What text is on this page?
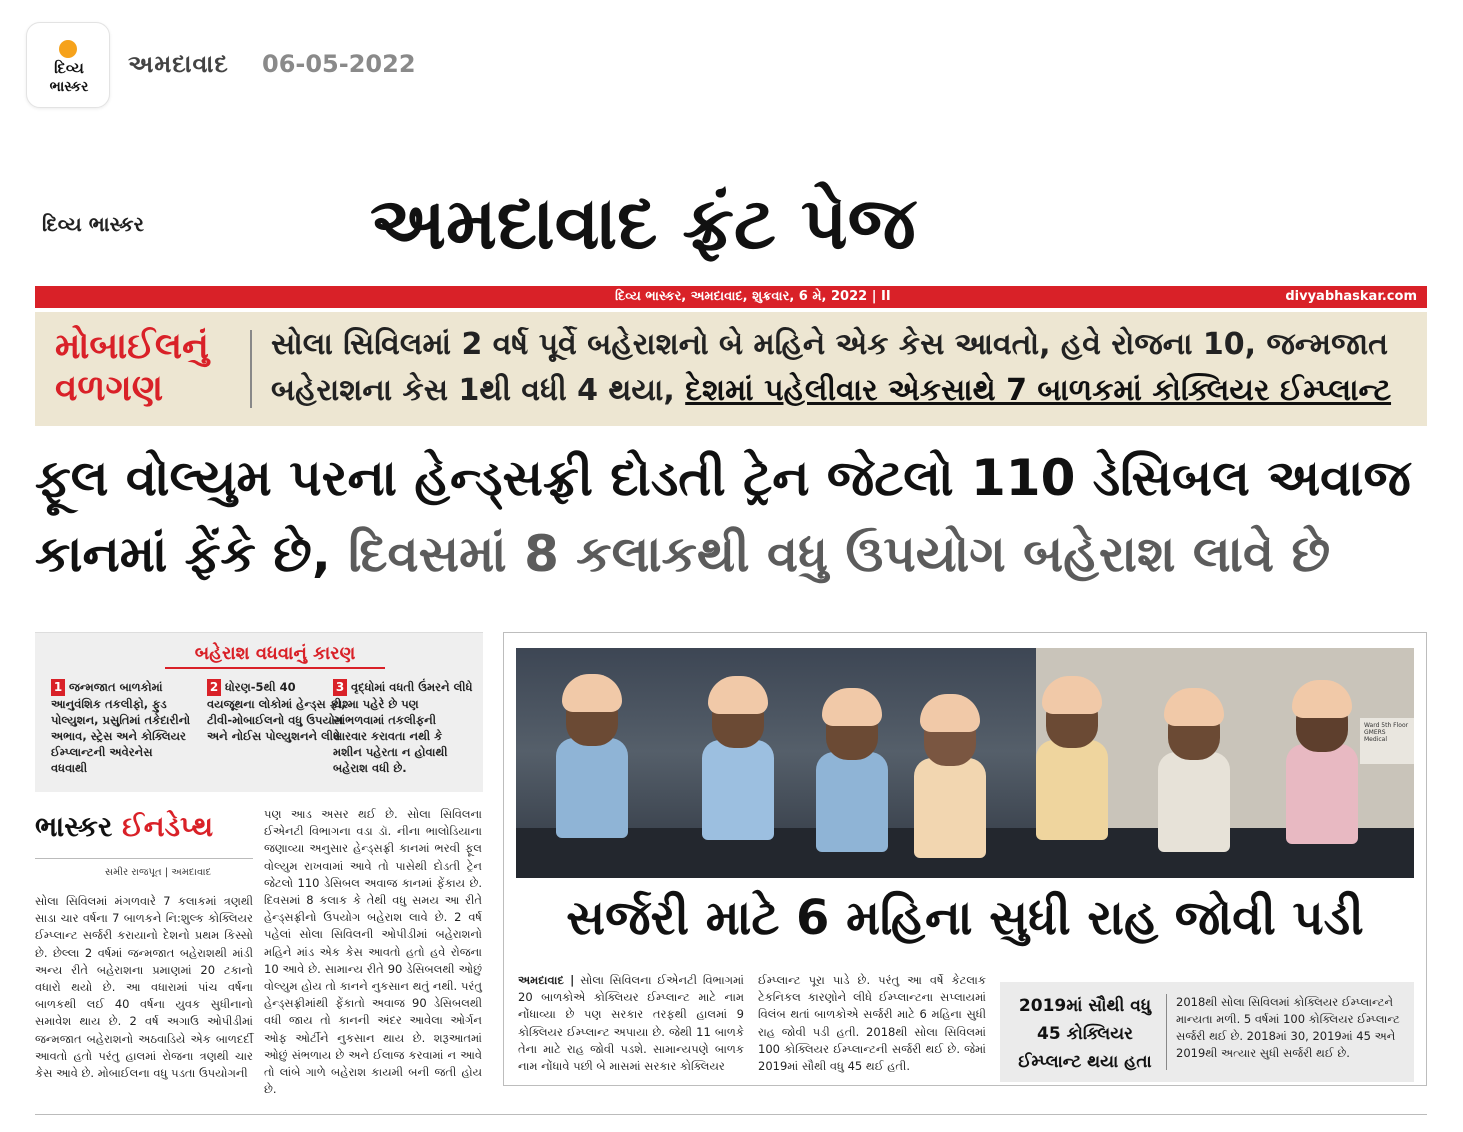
દિવ્ય
ભાસ્કર
અમદાવાદ 06-05-2022
દિવ્ય ભાસ્કર	અમદાવાદ ફ્રંટ પેજ
દિવ્ય ભાસ્કર, અમદાવાદ, શુક્રવાર, 6 મે, 2022 | II	divyabhaskar.com
મોબાઈલનું
વળગણ
સોલા સિવિલમાં 2 વર્ષ પૂર્વે બહેરાશનો બે મહિને એક કેસ આવતો, હવે રોજના 10, જન્મજાત બહેરાશના કેસ 1થી વધી 4 થયા, દેશમાં પહેલીવાર એકસાથે 7 બાળકમાં કોક્લિયર ઈમ્પ્લાન્ટ
ફૂલ વોલ્યુમ પરના હેન્ડ્સફ્રી દોડતી ટ્રેન જેટલો 110 ડેસિબલ અવાજ કાનમાં ફેંકે છે, દિવસમાં 8 કલાકથી વધુ ઉપયોગ બહેરાશ લાવે છે
બહેરાશ વધવાનું કારણ
1 જન્મજાત બાળકોમાં આનુવંશિક તકલીફો, ફુડ પોલ્યુશન, પ્રસુતિમાં તકેદારીનો અભાવ, સ્ટ્રેસ અને કોક્લિયર ઈમ્પ્લાન્ટની અવેરનેસ વધવાથી
2 ધોરણ-5થી 40 વયજૂથના લોકોમાં હેન્ડ્સ ફ્રી, ટીવી-મોબાઈલનો વધુ ઉપયોગ અને નોઈસ પોલ્યુશનને લીધે
3 વૃદ્ધોમાં વધતી ઉંમરને લીધે ચશ્મા પહેરે છે પણ સાંભળવામાં તકલીફની સારવાર કરાવતા નથી કે મશીન પહેરતા ન હોવાથી બહેરાશ વધી છે.
ભાસ્કર ઈનડેપ્થ
સમીર રાજપૂત | અમદાવાદ
સોલા સિવિલમાં મંગળવારે 7 કલાકમાં ત્રણથી સાડા ચાર વર્ષના 7 બાળકને નિ:શુલ્ક કોક્લિયર ઈમ્પ્લાન્ટ સર્જરી કરાયાનો દેશનો પ્રથમ કિસ્સો છે. છેલ્લા 2 વર્ષમાં જન્મજાત બહેરાશથી માંડી અન્ય રીતે બહેરાશના પ્રમાણમાં 20 ટકાનો વધારો થયો છે. આ વધારામાં પાંચ વર્ષના બાળકથી લઈ 40 વર્ષના યુવક સુધીનાનો સમાવેશ થાય છે. 2 વર્ષ અગાઉ ઓપીડીમાં જન્મજાત બહેરાશનો અઠવાડિયે એક બાળદર્દી આવતો હતો પરંતુ હાલમાં રોજના ત્રણથી ચાર કેસ આવે છે. મોબાઈલના વધુ પડતા ઉપયોગની
પણ આડ અસર થઈ છે. સોલા સિવિલના ઈએનટી વિભાગના વડા ડૉ. નીના ભાલોડિયાના જણાવ્યા અનુસાર હેન્ડ્સફ્રી કાનમાં ભરવી ફૂલ વોલ્યુમ રાખવામાં આવે તો પાસેથી દોડતી ટ્રેન જેટલો 110 ડેસિબલ અવાજ કાનમાં ફેંકાય છે. દિવસમાં 8 કલાક કે તેથી વધુ સમય આ રીતે હેન્ડ્સફ્રીનો ઉપયોગ બહેરાશ લાવે છે. 2 વર્ષ પહેલાં સોલા સિવિલની ઓપીડીમાં બહેરાશનો મહિને માંડ એક કેસ આવતો હતો હવે રોજના 10 આવે છે. સામાન્ય રીતે 90 ડેસિબલથી ઓછું વોલ્યુમ હોય તો કાનને નુકસાન થતું નથી. પરંતુ હેન્ડ્સફ્રીમાંથી ફેંકાતો અવાજ 90 ડેસિબલથી વધી જાય તો કાનની અંદર આવેલા ઓર્ગન ઓફ ઓર્ટીને નુકસાન થાય છે. શરૂઆતમાં ઓછું સંભળાય છે અને ઈલાજ કરવામાં ન આવે તો લાંબે ગાળે બહેરાશ કાયમી બની જતી હોય છે.
Ward 5th Floor GMERS Medical
સર્જરી માટે 6 મહિના સુધી રાહ જોવી પડી
અમદાવાદ | સોલા સિવિલના ઈએનટી વિભાગમાં 20 બાળકોએ કોક્લિયર ઈમ્પ્લાન્ટ માટે નામ નોંધાવ્યા છે પણ સરકાર તરફથી હાલમાં 9 કોક્લિયર ઈમ્પ્લાન્ટ અપાયા છે. જેથી 11 બાળકે તેના માટે રાહ જોવી પડશે. સામાન્યપણે બાળક નામ નોંધાવે પછી બે માસમાં સરકાર કોક્લિયર
ઈમ્પ્લાન્ટ પૂરા પાડે છે. પરંતુ આ વર્ષે કેટલાક ટેકનિકલ કારણોને લીધે ઈમ્પ્લાન્ટના સપ્લાયમાં વિલંબ થતાં બાળકોએ સર્જરી માટે 6 મહિના સુધી રાહ જોવી પડી હતી. 2018થી સોલા સિવિલમાં 100 કોક્લિયર ઈમ્પ્લાન્ટની સર્જરી થઈ છે. જેમાં 2019માં સૌથી વધુ 45 થઈ હતી.
2019માં સૌથી વધુ 45 કોક્લિયર ઈમ્પ્લાન્ટ થયા હતા
2018થી સોલા સિવિલમાં કોક્લિયર ઈમ્પ્લાન્ટને માન્યતા મળી. 5 વર્ષમાં 100 કોક્લિયર ઈમ્પ્લાન્ટ સર્જરી થઈ છે. 2018માં 30, 2019માં 45 અને 2019થી અત્યાર સુધી સર્જરી થઈ છે.
